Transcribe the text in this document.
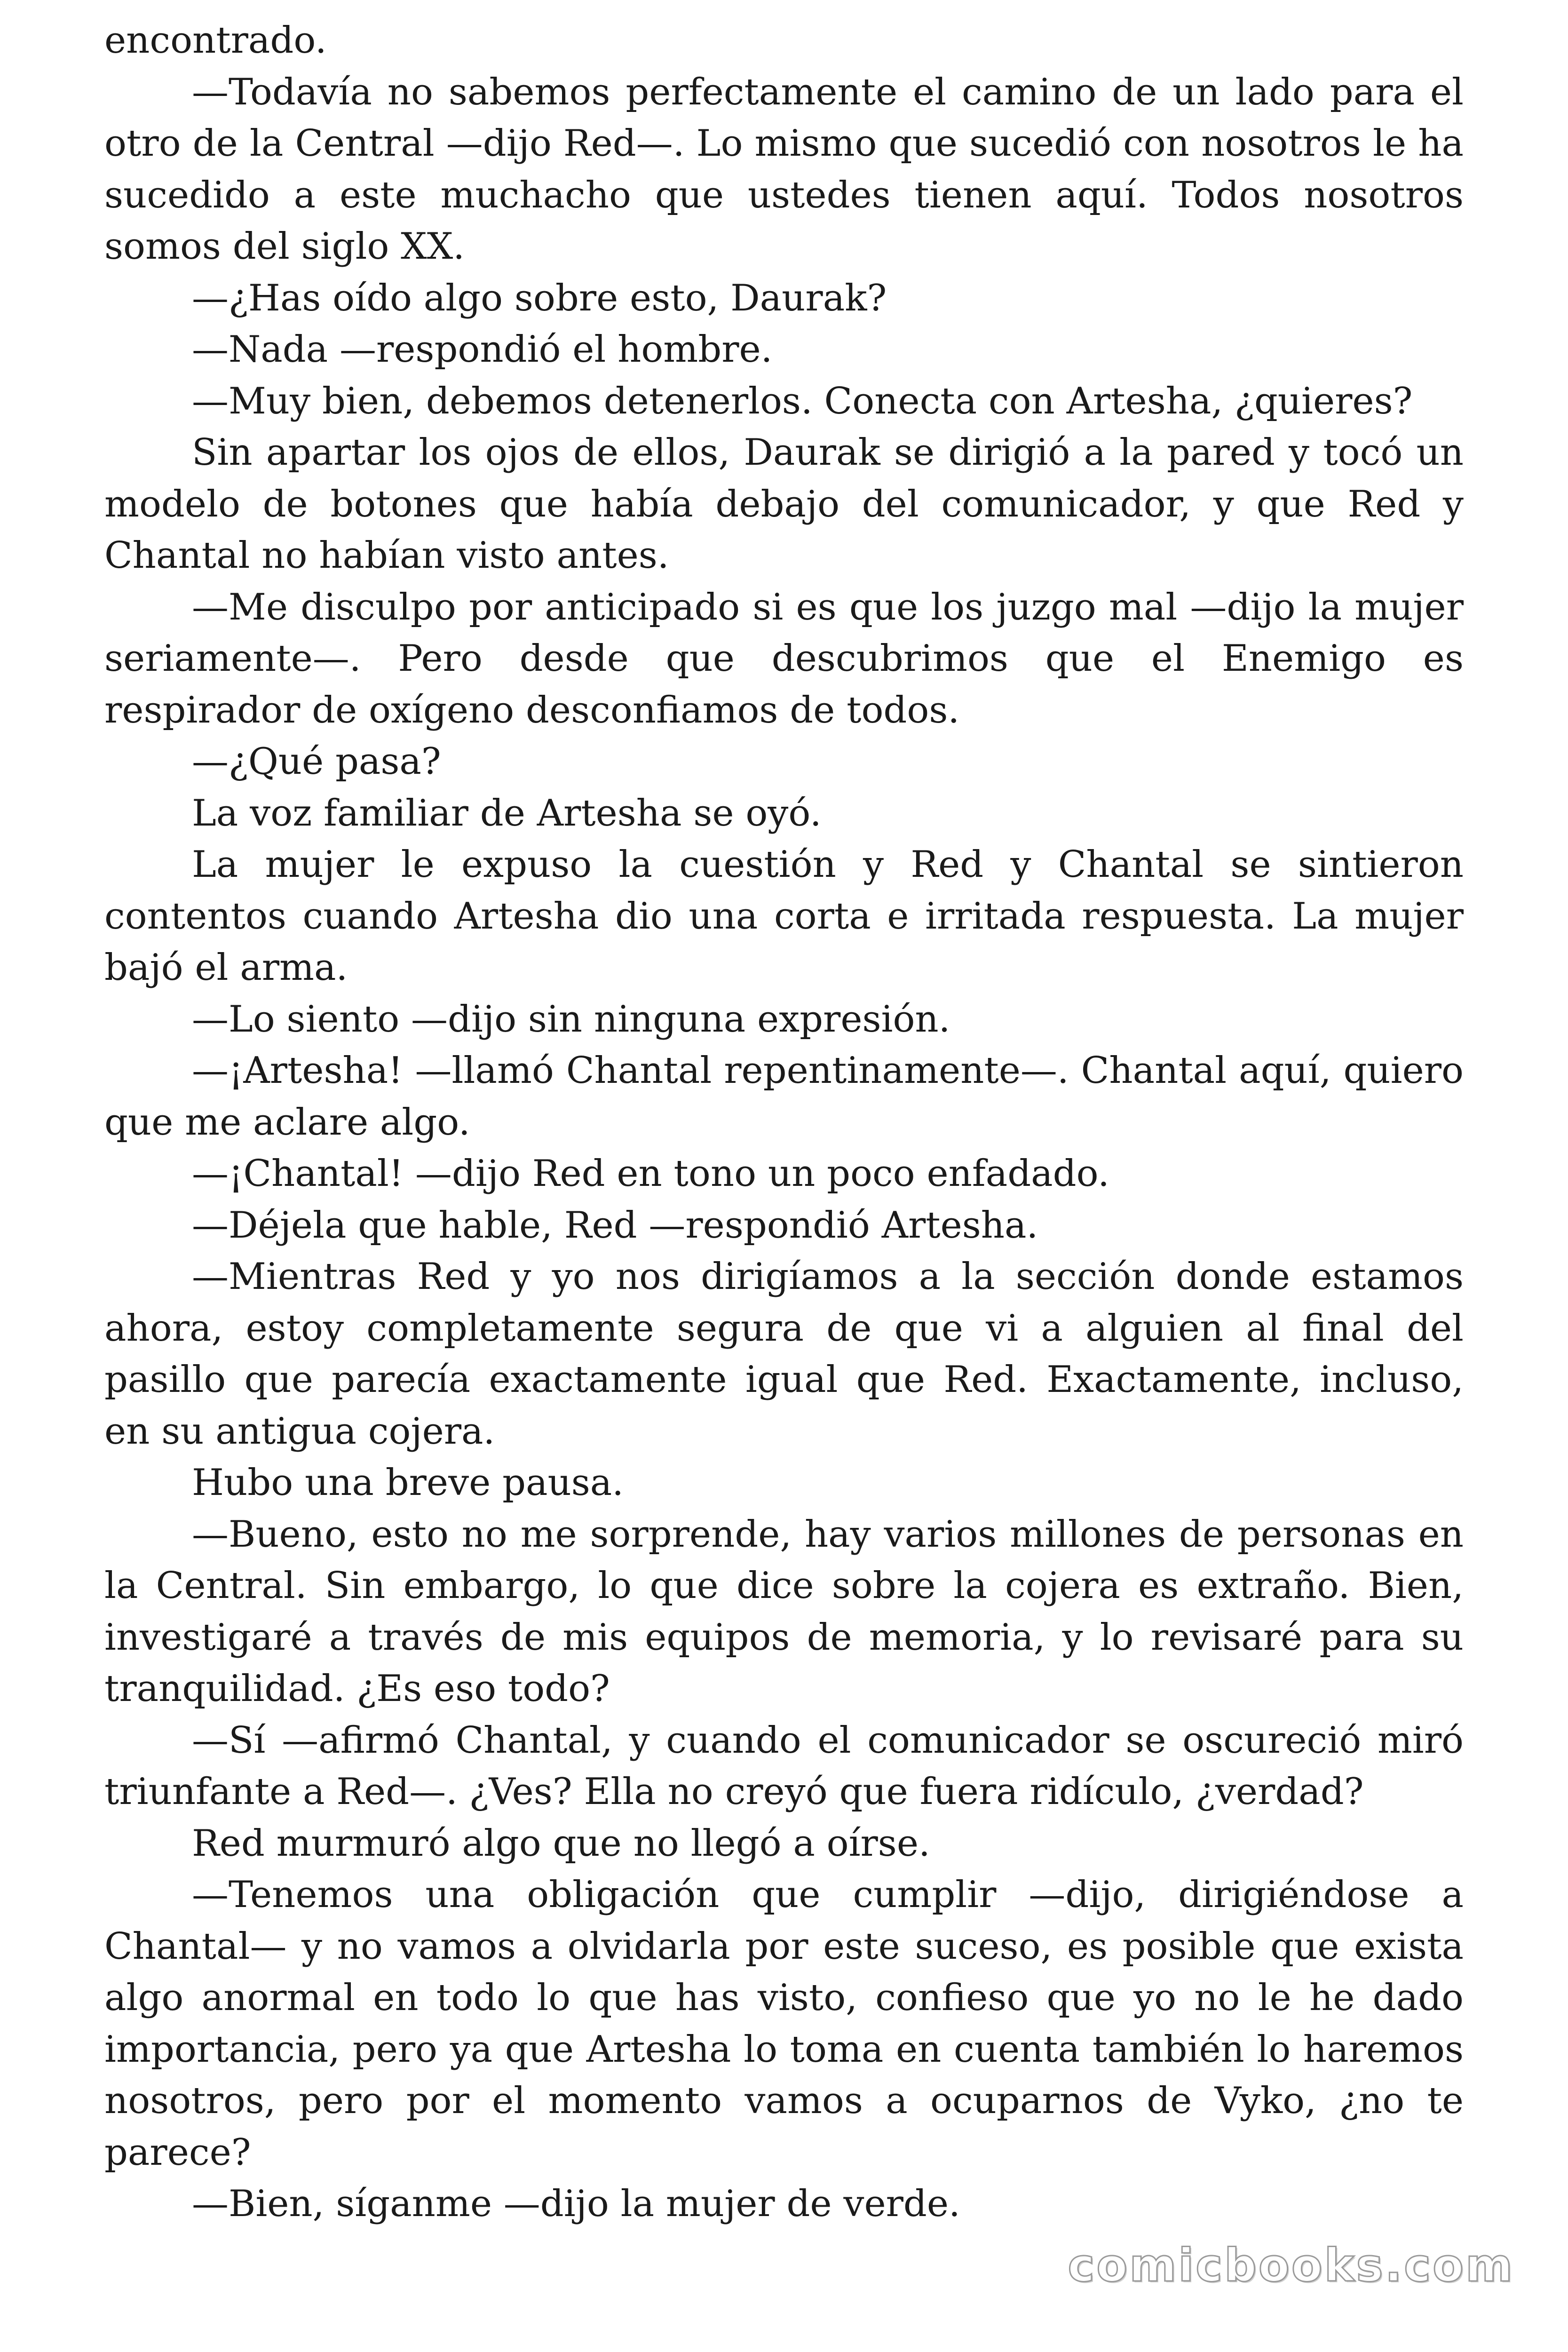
encontrado.

—Todavía no sabemos perfectamente el camino de un lado para el otro de la Central —dijo Red—. Lo mismo que sucedió con nosotros le ha sucedido a este muchacho que ustedes tienen aquí. Todos nosotros somos del siglo XX.

—¿Has oído algo sobre esto, Daurak?

—Nada —respondió el hombre.

—Muy bien, debemos detenerlos. Conecta con Artesha, ¿quieres?

Sin apartar los ojos de ellos, Daurak se dirigió a la pared y tocó un modelo de botones que había debajo del comunicador, y que Red y Chantal no habían visto antes.

—Me disculpo por anticipado si es que los juzgo mal —dijo la mujer seriamente—. Pero desde que descubrimos que el Enemigo es respirador de oxígeno desconfiamos de todos.

—¿Qué pasa?

La voz familiar de Artesha se oyó.

La mujer le expuso la cuestión y Red y Chantal se sintieron contentos cuando Artesha dio una corta e irritada respuesta. La mujer bajó el arma.

—Lo siento —dijo sin ninguna expresión.

—¡Artesha! —llamó Chantal repentinamente—. Chantal aquí, quiero que me aclare algo.

—¡Chantal! —dijo Red en tono un poco enfadado.

—Déjela que hable, Red —respondió Artesha.

—Mientras Red y yo nos dirigíamos a la sección donde estamos ahora, estoy completamente segura de que vi a alguien al final del pasillo que parecía exactamente igual que Red. Exactamente, incluso, en su antigua cojera.

Hubo una breve pausa.

—Bueno, esto no me sorprende, hay varios millones de personas en la Central. Sin embargo, lo que dice sobre la cojera es extraño. Bien, investigaré a través de mis equipos de memoria, y lo revisaré para su tranquilidad. ¿Es eso todo?

—Sí —afirmó Chantal, y cuando el comunicador se oscureció miró triunfante a Red—. ¿Ves? Ella no creyó que fuera ridículo, ¿verdad?

Red murmuró algo que no llegó a oírse.

—Tenemos una obligación que cumplir —dijo, dirigiéndose a Chantal— y no vamos a olvidarla por este suceso, es posible que exista algo anormal en todo lo que has visto, confieso que yo no le he dado importancia, pero ya que Artesha lo toma en cuenta también lo haremos nosotros, pero por el momento vamos a ocuparnos de Vyko, ¿no te parece?

—Bien, síganme —dijo la mujer de verde.

comicbooks.com
